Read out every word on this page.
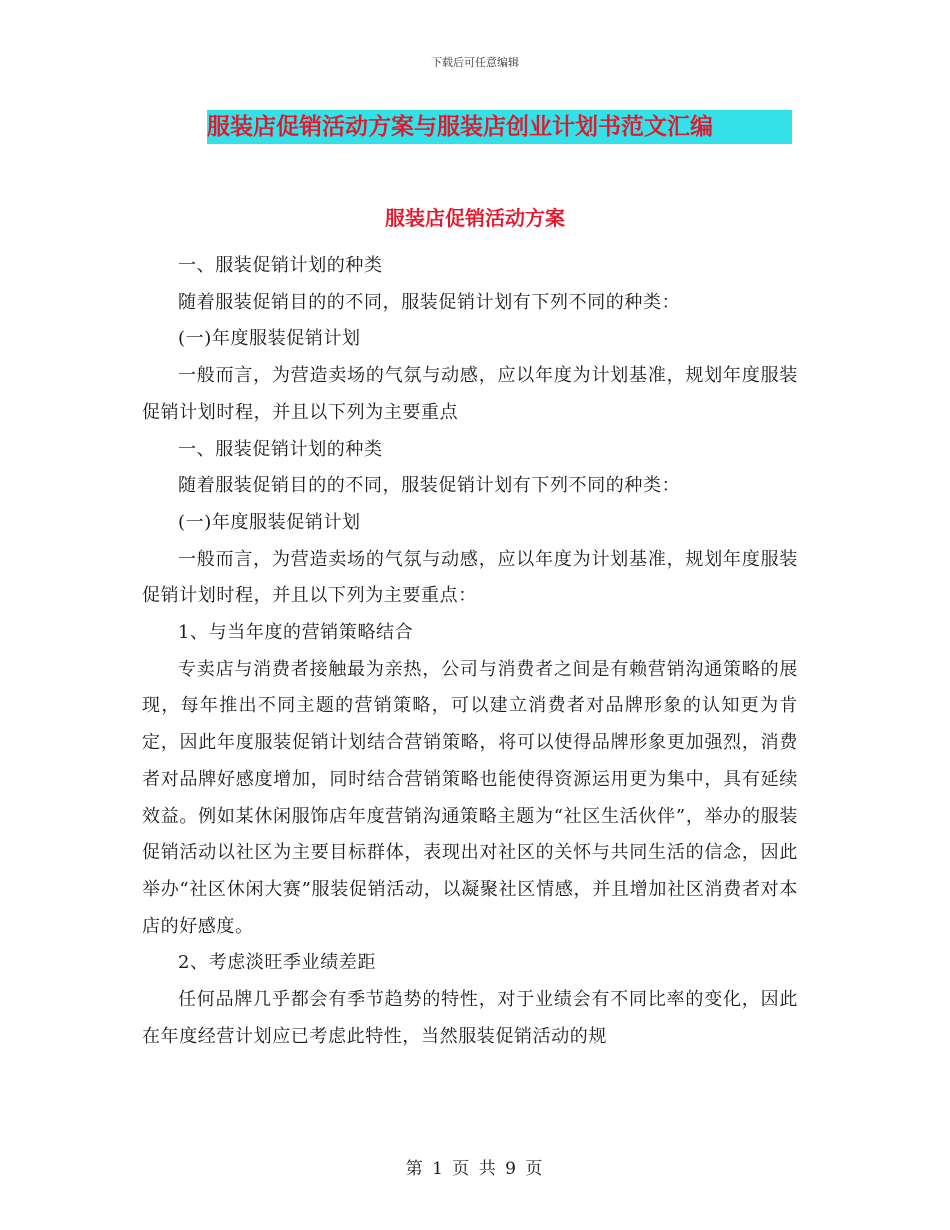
下载后可任意编辑
服装店促销活动方案与服装店创业计划书范文汇编
服装店促销活动方案

一、服装促销计划的种类

随着服装促销目的的不同，服装促销计划有下列不同的种类：

(一)年度服装促销计划

一般而言，为营造卖场的气氛与动感，应以年度为计划基准，规划年度服装促销计划时程，并且以下列为主要重点

一、服装促销计划的种类

随着服装促销目的的不同，服装促销计划有下列不同的种类：

(一)年度服装促销计划

一般而言，为营造卖场的气氛与动感，应以年度为计划基准，规划年度服装促销计划时程，并且以下列为主要重点：

1、与当年度的营销策略结合

专卖店与消费者接触最为亲热，公司与消费者之间是有赖营销沟通策略的展现，每年推出不同主题的营销策略，可以建立消费者对品牌形象的认知更为肯定，因此年度服装促销计划结合营销策略，将可以使得品牌形象更加强烈，消费者对品牌好感度增加，同时结合营销策略也能使得资源运用更为集中，具有延续效益。例如某休闲服饰店年度营销沟通策略主题为“社区生活伙伴”，举办的服装促销活动以社区为主要目标群体，表现出对社区的关怀与共同生活的信念，因此举办“社区休闲大赛”服装促销活动，以凝聚社区情感，并且增加社区消费者对本店的好感度。

2、考虑淡旺季业绩差距

任何品牌几乎都会有季节趋势的特性，对于业绩会有不同比率的变化，因此在年度经营计划应已考虑此特性，当然服装促销活动的规

第 1 页 共 9 页
